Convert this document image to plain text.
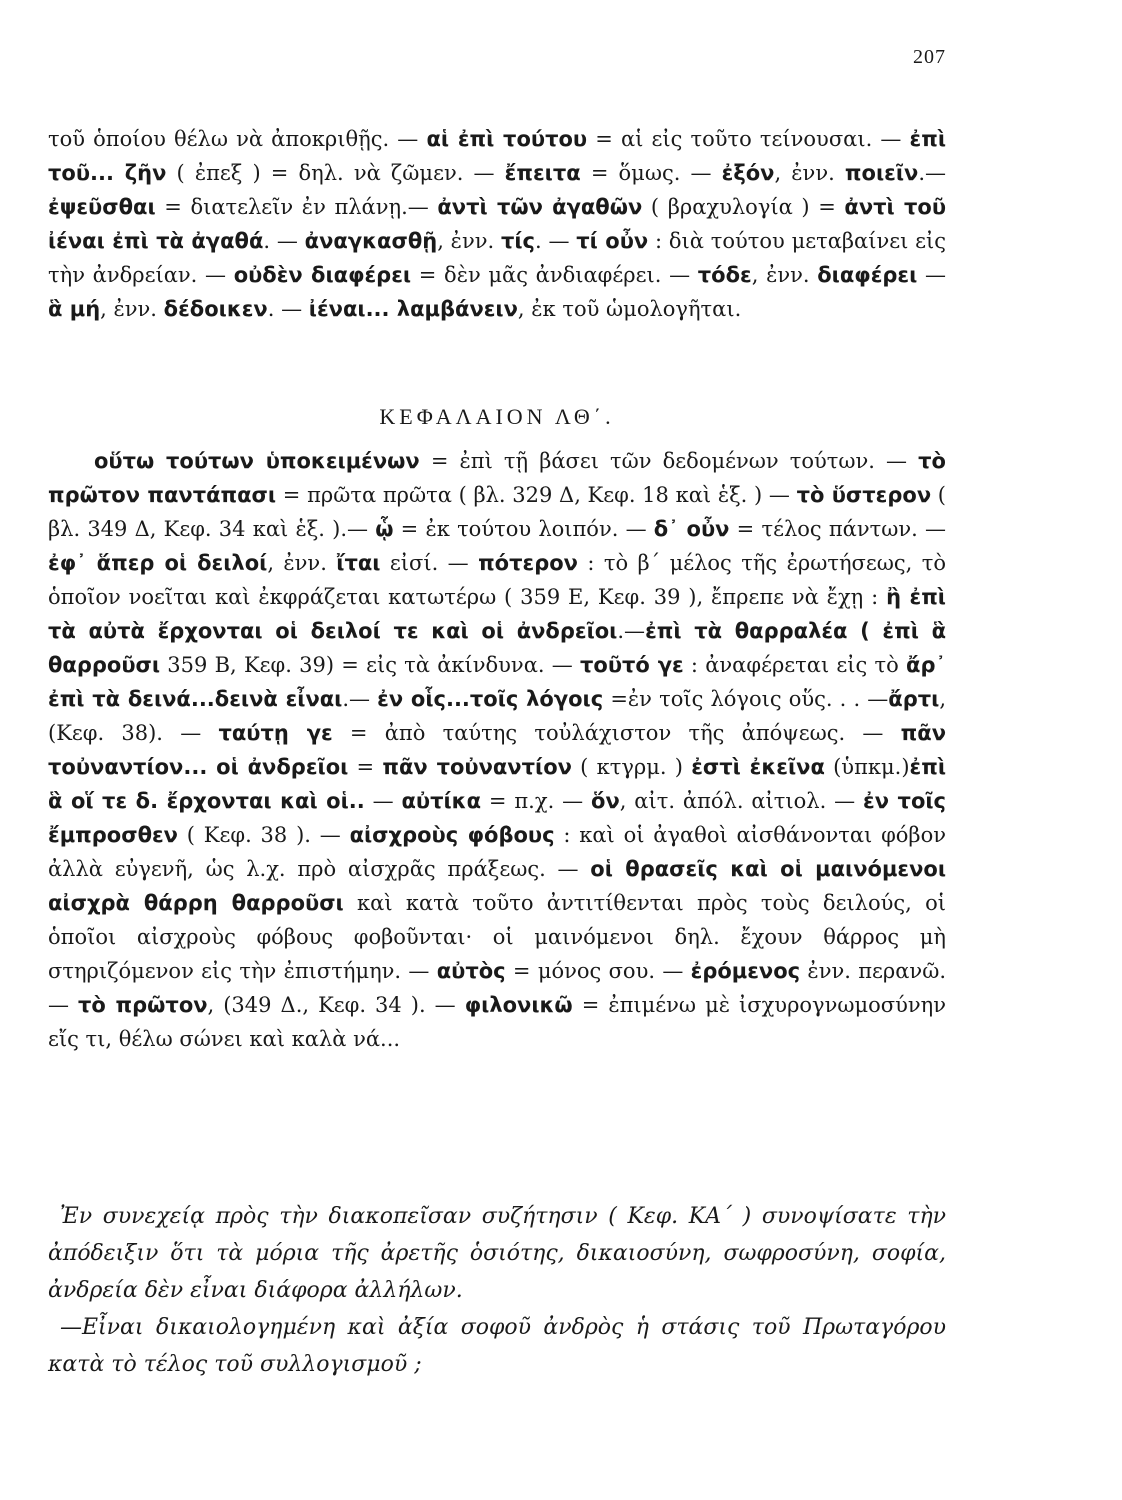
207

τοῦ ὁποίου θέλω νὰ ἀποκριθῇς. — αἱ ἐπὶ τούτου = αἱ εἰς τοῦτο τείνουσαι. — ἐπὶ τοῦ... ζῆν ( ἐπεξ ) = δηλ. νὰ ζῶμεν. — ἔπειτα = ὅμως. — ἐξόν, ἐνν. ποιεῖν.— ἐψεῦσθαι = διατελεῖν ἐν πλάνῃ.— ἀντὶ τῶν ἀγαθῶν ( βραχυλογία ) = ἀντὶ τοῦ ἰέναι ἐπὶ τὰ ἀγαθά. — ἀναγκασθῇ, ἐνν. τίς. — τί οὖν : διὰ τούτου μεταβαίνει εἰς τὴν ἀνδρείαν. — οὐδὲν διαφέρει = δὲν μᾶς ἀνδιαφέρει. — τόδε, ἐνν. διαφέρει — ἃ μή, ἐνν. δέδοικεν. — ἰέναι... λαμβάνειν, ἐκ τοῦ ὡμολογῆται.

ΚΕΦΑΛΑΙΟΝ ΛΘ΄.

οὕτω τούτων ὑποκειμένων = ἐπὶ τῇ βάσει τῶν δεδομένων τούτων. — τὸ πρῶτον παντάπασι = πρῶτα πρῶτα ( βλ. 329 Δ, Κεφ. 18 καὶ ἑξ. ) — τὸ ὕστερον ( βλ. 349 Δ, Κεφ. 34 καὶ ἑξ. ).— ᾧ = ἐκ τούτου λοιπόν. — δ᾽ οὖν = τέλος πάντων. — ἐφ᾽ ἅπερ οἱ δειλοί, ἐνν. ἴται εἰσί. — πότερον : τὸ β΄ μέλος τῆς ἐρωτήσεως, τὸ ὁποῖον νοεῖται καὶ ἐκφράζεται κατωτέρω ( 359 Ε, Κεφ. 39 ), ἔπρεπε νὰ ἔχῃ : ἢ ἐπὶ τὰ αὐτὰ ἔρχονται οἱ δειλοί τε καὶ οἱ ἀνδρεῖοι.—ἐπὶ τὰ θαρραλέα ( ἐπὶ ἃ θαρροῦσι 359 Β, Κεφ. 39) = εἰς τὰ ἀκίνδυνα. — τοῦτό γε : ἀναφέρεται εἰς τὸ ἄρ᾽ ἐπὶ τὰ δεινά...δεινὰ εἶναι.— ἐν οἷς...τοῖς λόγοις =ἐν τοῖς λόγοις οὕς. . . —ἄρτι, (Κεφ. 38). — ταύτῃ γε = ἀπὸ ταύτης τοὐλάχιστον τῆς ἀπόψεως. — πᾶν τοὐναντίον... οἱ ἀνδρεῖοι = πᾶν τοὐναντίον ( κτγρμ. ) ἐστὶ ἐκεῖνα (ὑπκμ.)ἐπὶ ἃ οἵ τε δ. ἔρχονται καὶ οἱ.. — αὐτίκα = π.χ. — ὅν, αἰτ. ἀπόλ. αἰτιολ. — ἐν τοῖς ἔμπροσθεν ( Κεφ. 38 ). — αἰσχροὺς φόβους : καὶ οἱ ἀγαθοὶ αἰσθάνονται φόβον ἀλλὰ εὐγενῆ, ὡς λ.χ. πρὸ αἰσχρᾶς πράξεως. — οἱ θρασεῖς καὶ οἱ μαινόμενοι αἰσχρὰ θάρρη θαρροῦσι καὶ κατὰ τοῦτο ἀντιτίθενται πρὸς τοὺς δειλούς, οἱ ὁποῖοι αἰσχροὺς φόβους φοβοῦνται· οἱ μαινόμενοι δηλ. ἔχουν θάρρος μὴ στηριζόμενον εἰς τὴν ἐπιστήμην. — αὐτὸς = μόνος σου. — ἐρόμενος ἐνν. περανῶ. — τὸ πρῶτον, (349 Δ., Κεφ. 34 ). — φιλονικῶ = ἐπιμένω μὲ ἰσχυρογνωμοσύνην εἴς τι, θέλω σώνει καὶ καλὰ νά...

Ἐν συνεχείᾳ πρὸς τὴν διακοπεῖσαν συζήτησιν ( Κεφ. ΚΑ΄ ) συνοψίσατε τὴν ἀπόδειξιν ὅτι τὰ μόρια τῆς ἀρετῆς ὁσιότης, δικαιοσύνη, σωφροσύνη, σοφία, ἀνδρεία δὲν εἶναι διάφορα ἀλλήλων.

—Εἶναι δικαιολογημένη καὶ ἀξία σοφοῦ ἀνδρὸς ἡ στάσις τοῦ Πρωταγόρου κατὰ τὸ τέλος τοῦ συλλογισμοῦ ;
